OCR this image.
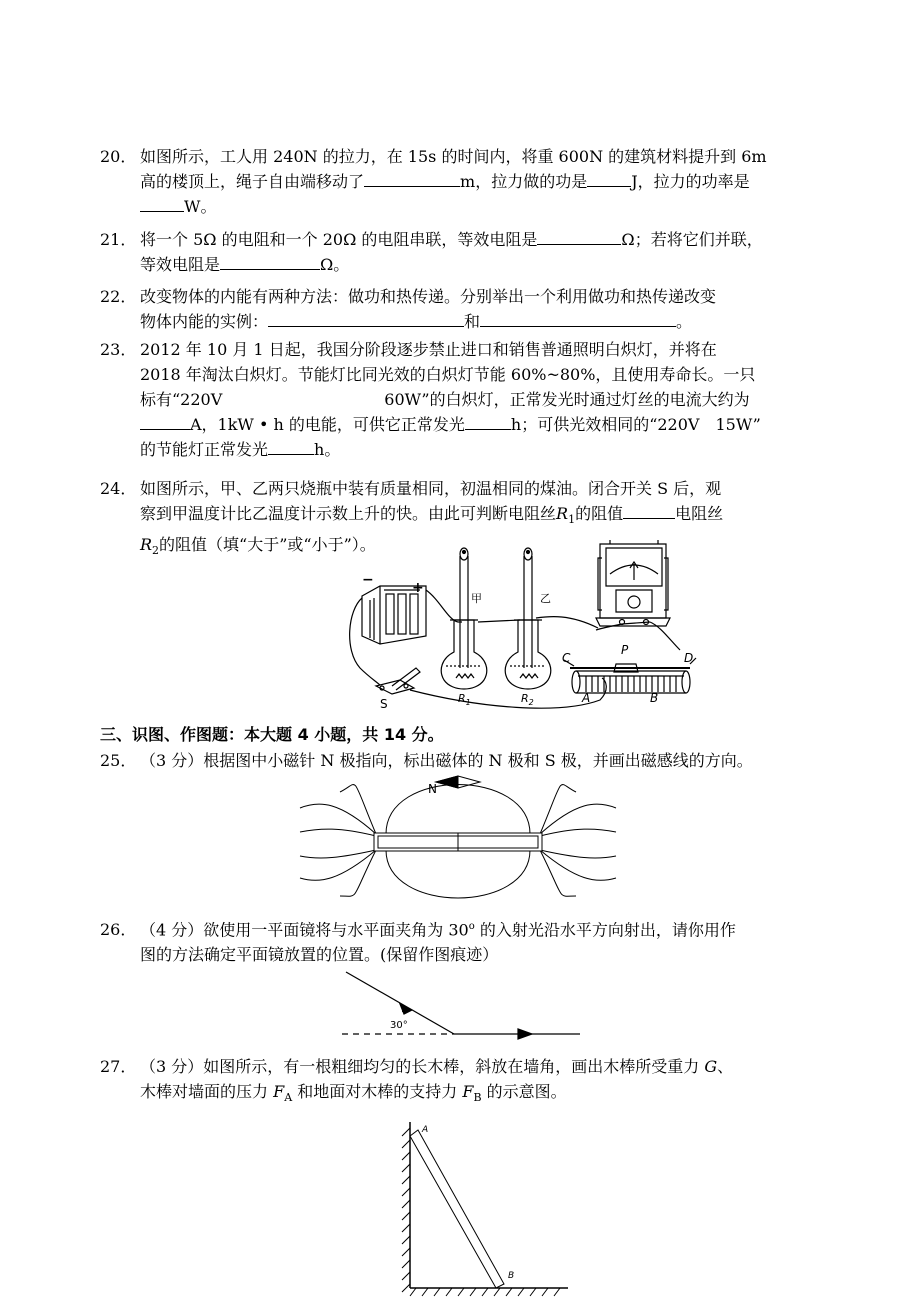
20． 如图所示，工人用 240N 的拉力，在 15s 的时间内，将重 600N 的建筑材料提升到 6m
高的楼顶上，绳子自由端移动了	m，拉力做的功是	J，拉力的功率是
W。
21． 将一个 5Ω 的电阻和一个 20Ω 的电阻串联，等效电阻是	Ω；若将它们并联，
等效电阻是	Ω。
22． 改变物体的内能有两种方法：做功和热传递。分别举出一个利用做功和热传递改变
物体内能的实例：	和	。
23． 2012 年 10 月 1 日起，我国分阶段逐步禁止进口和销售普通照明白炽灯，并将在
2018 年淘汰白炽灯。节能灯比同光效的白炽灯节能 60%~80%，且使用寿命长。一只
标有“220V	60W”的白炽灯，正常发光时通过灯丝的电流大约为
A，1kW • h 的电能，可供它正常发光	h；可供光效相同的“220V　15W”
的节能灯正常发光	h。
24． 如图所示，甲、乙两只烧瓶中装有质量相同，初温相同的煤油。闭合开关 S 后，观
察到甲温度计比乙温度计示数上升的快。由此可判断电阻丝$R_1$的阻值	电阻丝
$R_2$的阻值（填“大于”或“小于”）。
甲	乙
−	+
$R_1$	$R_2$
C
P
D
A	B
S
三、识图、作图题：本大题 4 小题，共 14 分。
25． （3 分）根据图中小磁针 N 极指向，标出磁体的 N 极和 S 极，并画出磁感线的方向。
N
26． （4 分）欲使用一平面镜将与水平面夹角为 30$^o$ 的入射光沿水平方向射出，请你用作
图的方法确定平面镜放置的位置。(保留作图痕迹）
30°
27． （3 分）如图所示，有一根粗细均匀的长木棒，斜放在墙角，画出木棒所受重力 G、
木棒对墙面的压力 $F_A$ 和地面对木棒的支持力 $F_B$ 的示意图。
A
B
